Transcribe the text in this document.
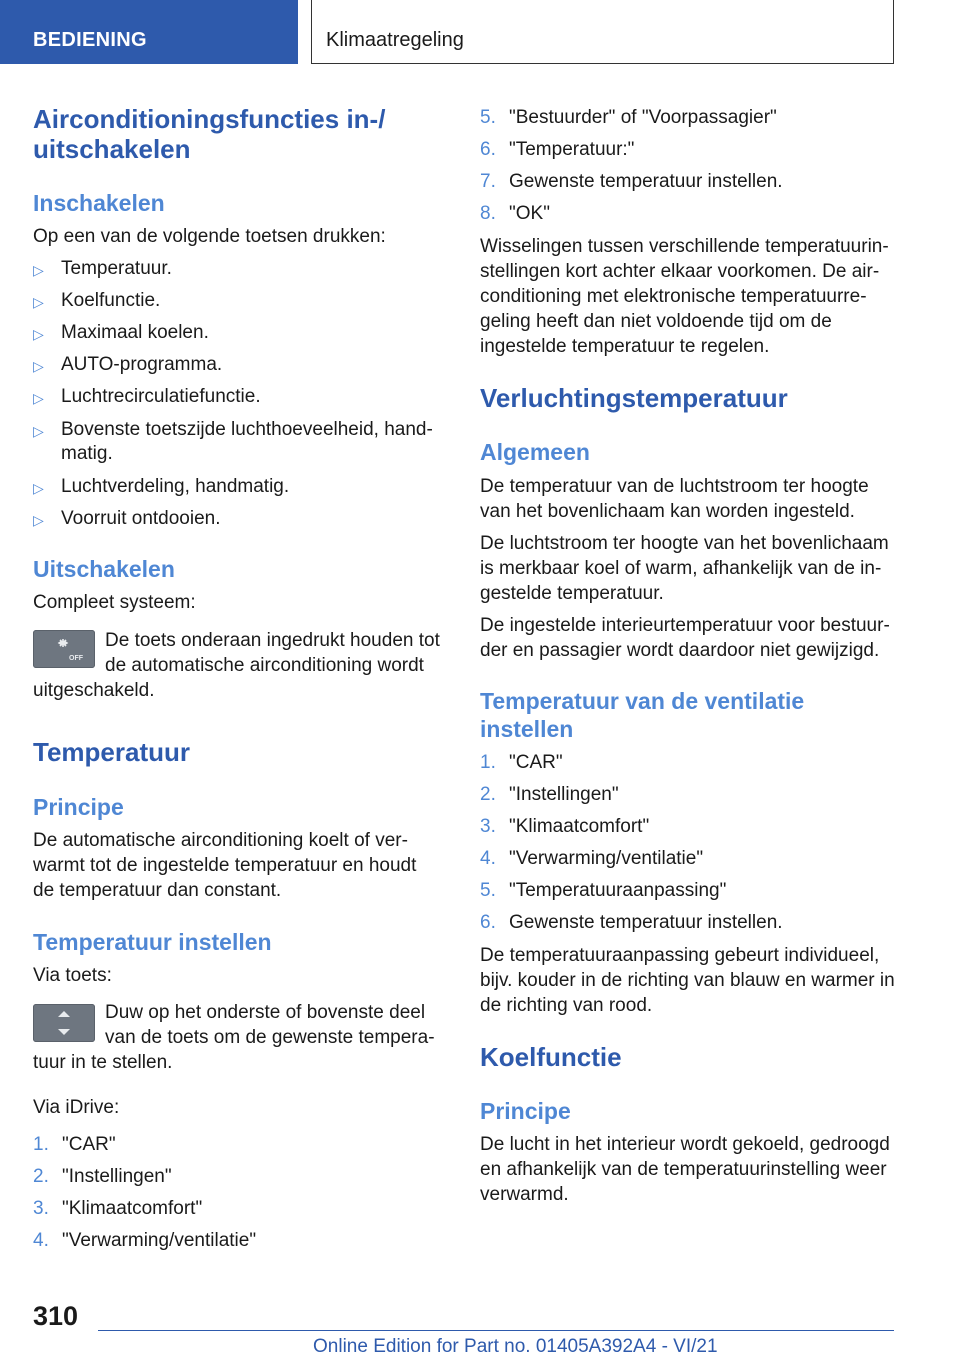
BEDIENING	Klimaatregeling
Airconditioningsfuncties in-/
uitschakelen
Inschakelen
Op een van de volgende toetsen drukken:
▷ Temperatuur.
▷ Koelfunctie.
▷ Maximaal koelen.
▷ AUTO-programma.
▷ Luchtrecirculatiefunctie.
▷ Bovenste toetszijde luchthoeveelheid, hand-
matig.
▷ Luchtverdeling, handmatig.
▷ Voorruit ontdooien.
Uitschakelen
Compleet systeem:
OFF
De toets onderaan ingedrukt houden tot
de automatische airconditioning wordt
uitgeschakeld.
Temperatuur
Principe
De automatische airconditioning koelt of ver-
warmt tot de ingestelde temperatuur en houdt
de temperatuur dan constant.
Temperatuur instellen
Via toets:
Duw op het onderste of bovenste deel
van de toets om de gewenste tempera-
tuur in te stellen.
Via iDrive:
1. "CAR"
2. "Instellingen"
3. "Klimaatcomfort"
4. "Verwarming/ventilatie"
5. "Bestuurder" of "Voorpassagier"
6. "Temperatuur:"
7. Gewenste temperatuur instellen.
8. "OK"
Wisselingen tussen verschillende temperatuurin-
stellingen kort achter elkaar voorkomen. De air-
conditioning met elektronische temperatuurre-
geling heeft dan niet voldoende tijd om de
ingestelde temperatuur te regelen.
Verluchtingstemperatuur
Algemeen
De temperatuur van de luchtstroom ter hoogte
van het bovenlichaam kan worden ingesteld.
De luchtstroom ter hoogte van het bovenlichaam
is merkbaar koel of warm, afhankelijk van de in-
gestelde temperatuur.
De ingestelde interieurtemperatuur voor bestuur-
der en passagier wordt daardoor niet gewijzigd.
Temperatuur van de ventilatie
instellen
1. "CAR"
2. "Instellingen"
3. "Klimaatcomfort"
4. "Verwarming/ventilatie"
5. "Temperatuuraanpassing"
6. Gewenste temperatuur instellen.
De temperatuuraanpassing gebeurt individueel,
bijv. kouder in de richting van blauw en warmer in
de richting van rood.
Koelfunctie
Principe
De lucht in het interieur wordt gekoeld, gedroogd
en afhankelijk van de temperatuurinstelling weer
verwarmd.
310
Online Edition for Part no. 01405A392A4 - VI/21
